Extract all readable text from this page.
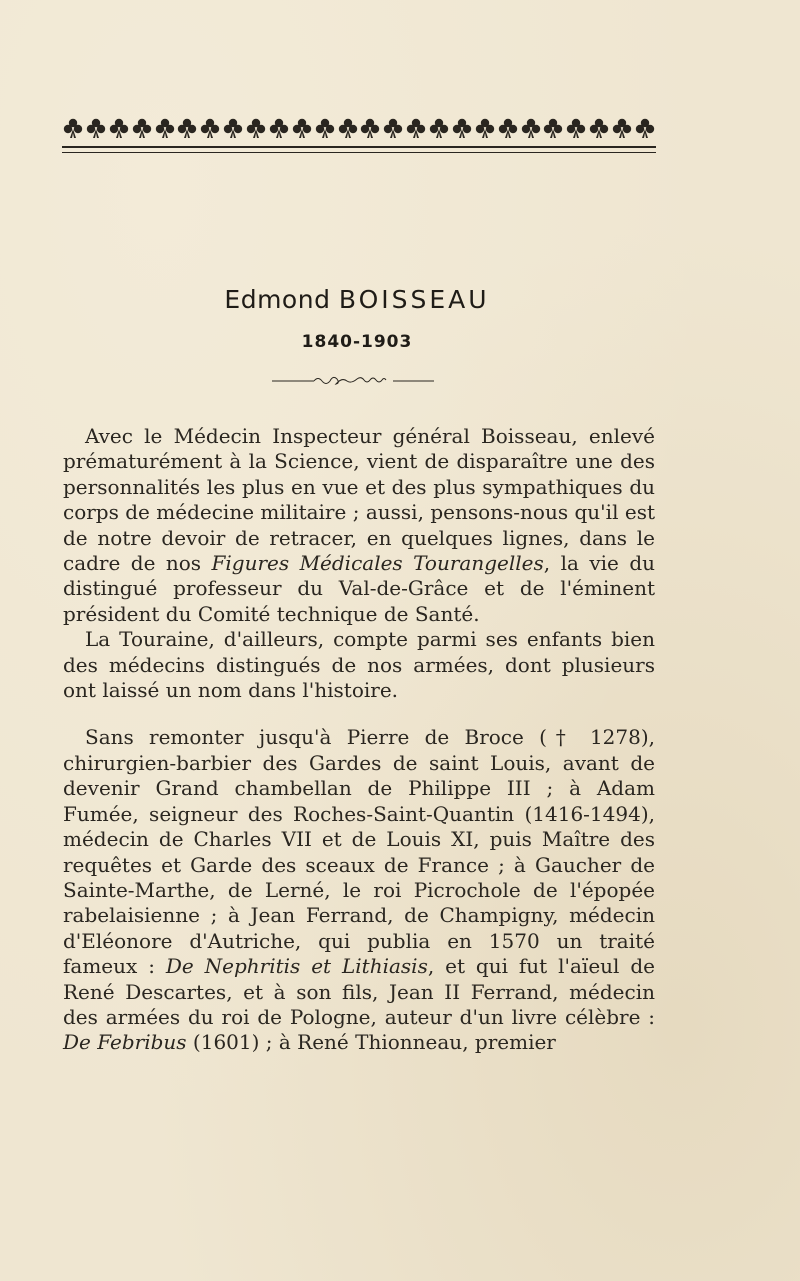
Edmond BOISSEAU
1840-1903

Avec le Médecin Inspecteur général Boisseau, enlevé prématurément à la Science, vient de disparaître une des personnalités les plus en vue et des plus sympathiques du corps de médecine militaire ; aussi, pensons-nous qu'il est de notre devoir de retracer, en quelques lignes, dans le cadre de nos Figures Médicales Tourangelles, la vie du distingué professeur du Val-de-Grâce et de l'éminent président du Comité technique de Santé.

La Touraine, d'ailleurs, compte parmi ses enfants bien des médecins distingués de nos armées, dont plusieurs ont laissé un nom dans l'histoire.

Sans remonter jusqu'à Pierre de Broce († 1278), chirurgien-barbier des Gardes de saint Louis, avant de devenir Grand chambellan de Philippe III ; à Adam Fumée, seigneur des Roches-Saint-Quantin (1416-1494), médecin de Charles VII et de Louis XI, puis Maître des requêtes et Garde des sceaux de France ; à Gaucher de Sainte-Marthe, de Lerné, le roi Picrochole de l'épopée rabelaisienne ; à Jean Ferrand, de Champigny, médecin d'Eléonore d'Autriche, qui publia en 1570 un traité fameux : De Nephritis et Lithiasis, et qui fut l'aïeul de René Descartes, et à son fils, Jean II Ferrand, médecin des armées du roi de Pologne, auteur d'un livre célèbre : De Febribus (1601) ; à René Thionneau, premier
